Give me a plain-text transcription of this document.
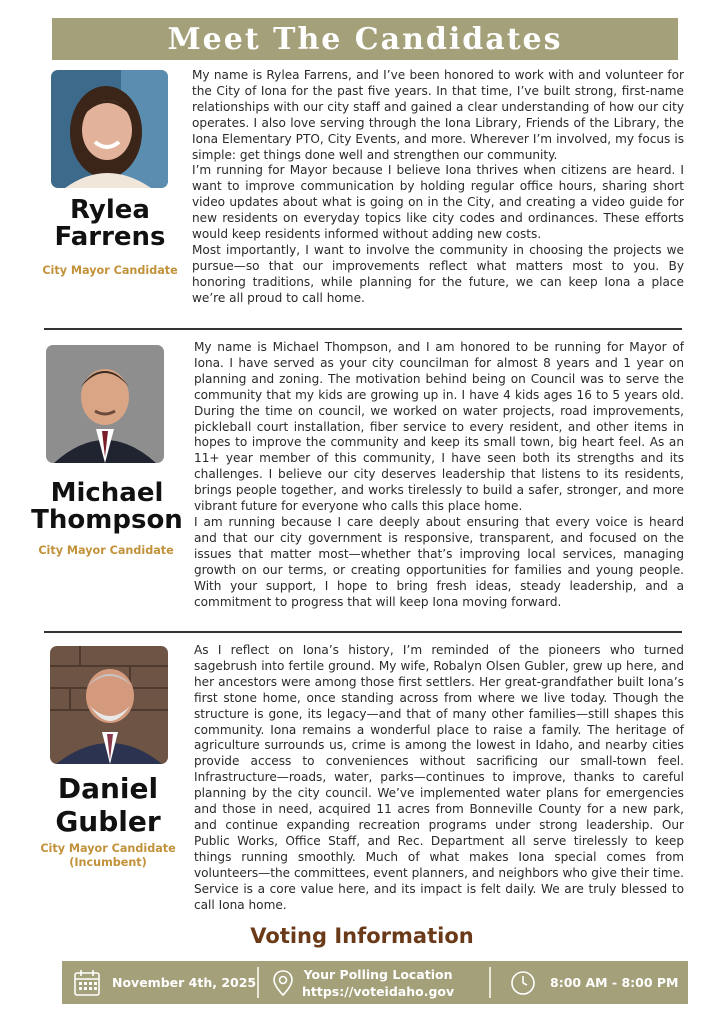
Meet The Candidates
Rylea
Farrens
City Mayor Candidate

My name is Rylea Farrens, and I’ve been honored to work with and volunteer for the City of Iona for the past five years. In that time, I’ve built strong, first-name relationships with our city staff and gained a clear understanding of how our city operates. I also love serving through the Iona Library, Friends of the Library, the Iona Elementary PTO, City Events, and more. Wherever I’m involved, my focus is simple: get things done well and strengthen our community.

I’m running for Mayor because I believe Iona thrives when citizens are heard. I want to improve communication by holding regular office hours, sharing short video updates about what is going on in the City, and creating a video guide for new residents on everyday topics like city codes and ordinances. These efforts would keep residents informed without adding new costs.

Most importantly, I want to involve the community in choosing the projects we pursue—so that our improvements reflect what matters most to you. By honoring traditions, while planning for the future, we can keep Iona a place we’re all proud to call home.

Michael
Thompson
City Mayor Candidate

My name is Michael Thompson, and I am honored to be running for Mayor of Iona. I have served as your city councilman for almost 8 years and 1 year on planning and zoning. The motivation behind being on Council was to serve the community that my kids are growing up in. I have 4 kids ages 16 to 5 years old. During the time on council, we worked on water projects, road improvements, pickleball court installation, fiber service to every resident, and other items in hopes to improve the community and keep its small town, big heart feel. As an 11+ year member of this community, I have seen both its strengths and its challenges. I believe our city deserves leadership that listens to its residents, brings people together, and works tirelessly to build a safer, stronger, and more vibrant future for everyone who calls this place home.

I am running because I care deeply about ensuring that every voice is heard and that our city government is responsive, transparent, and focused on the issues that matter most—whether that’s improving local services, managing growth on our terms, or creating opportunities for families and young people. With your support, I hope to bring fresh ideas, steady leadership, and a commitment to progress that will keep Iona moving forward.

Daniel
Gubler
City Mayor Candidate
(Incumbent)

As I reflect on Iona’s history, I’m reminded of the pioneers who turned sagebrush into fertile ground. My wife, Robalyn Olsen Gubler, grew up here, and her ancestors were among those first settlers. Her great-grandfather built Iona’s first stone home, once standing across from where we live today. Though the structure is gone, its legacy—and that of many other families—still shapes this community. Iona remains a wonderful place to raise a family. The heritage of agriculture surrounds us, crime is among the lowest in Idaho, and nearby cities provide access to conveniences without sacrificing our small-town feel. Infrastructure—roads, water, parks—continues to improve, thanks to careful planning by the city council. We’ve implemented water plans for emergencies and those in need, acquired 11 acres from Bonneville County for a new park, and continue expanding recreation programs under strong leadership. Our Public Works, Office Staff, and Rec. Department all serve tirelessly to keep things running smoothly. Much of what makes Iona special comes from volunteers—the committees, event planners, and neighbors who give their time. Service is a core value here, and its impact is felt daily. We are truly blessed to call Iona home.

Voting Information
November 4th, 2025
Your Polling Location
https://voteidaho.gov
8:00 AM - 8:00 PM
